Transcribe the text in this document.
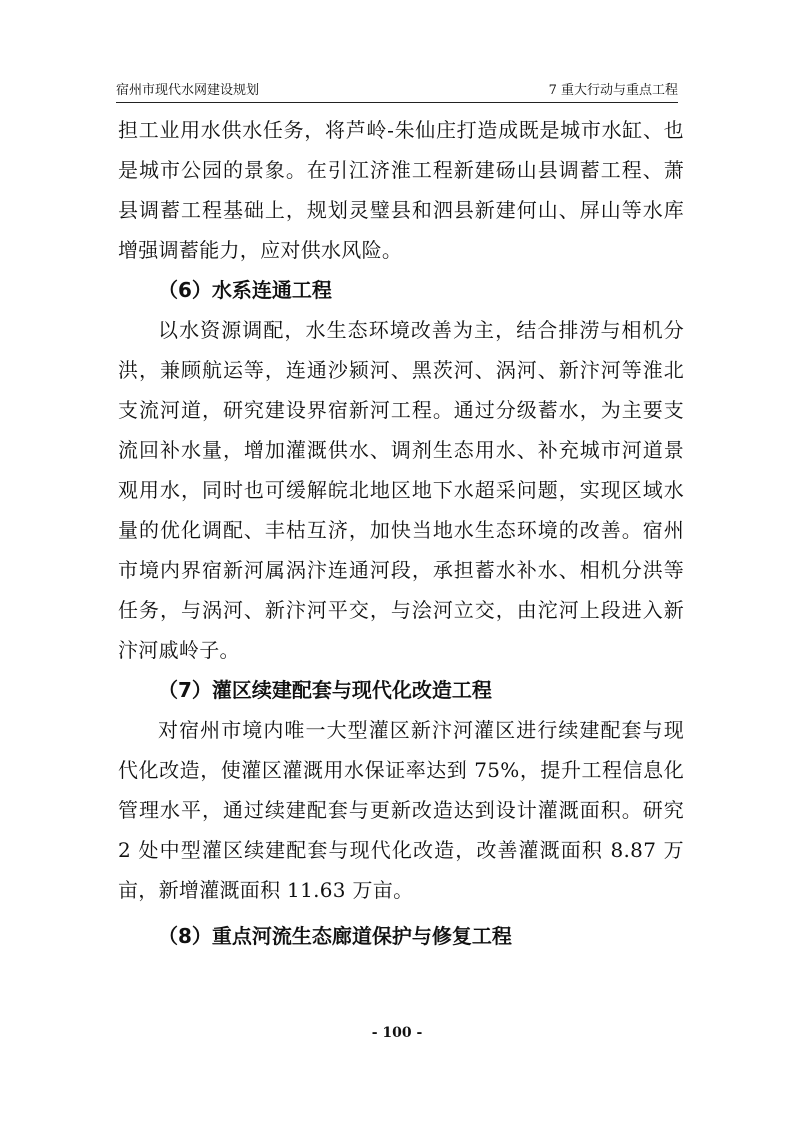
宿州市现代水网建设规划	7 重大行动与重点工程

担工业用水供水任务，将芦岭-朱仙庄打造成既是城市水缸、也是城市公园的景象。在引江济淮工程新建砀山县调蓄工程、萧县调蓄工程基础上，规划灵璧县和泗县新建何山、屏山等水库增强调蓄能力，应对供水风险。

（6）水系连通工程

以水资源调配，水生态环境改善为主，结合排涝与相机分洪，兼顾航运等，连通沙颍河、黑茨河、涡河、新汴河等淮北支流河道，研究建设界宿新河工程。通过分级蓄水，为主要支流回补水量，增加灌溉供水、调剂生态用水、补充城市河道景观用水，同时也可缓解皖北地区地下水超采问题，实现区域水量的优化调配、丰枯互济，加快当地水生态环境的改善。宿州市境内界宿新河属涡汴连通河段，承担蓄水补水、相机分洪等任务，与涡河、新汴河平交，与浍河立交，由沱河上段进入新汴河戚岭子。

（7）灌区续建配套与现代化改造工程

对宿州市境内唯一大型灌区新汴河灌区进行续建配套与现代化改造，使灌区灌溉用水保证率达到 75%，提升工程信息化管理水平，通过续建配套与更新改造达到设计灌溉面积。研究 2 处中型灌区续建配套与现代化改造，改善灌溉面积 8.87 万亩，新增灌溉面积 11.63 万亩。

（8）重点河流生态廊道保护与修复工程

- 100 -
